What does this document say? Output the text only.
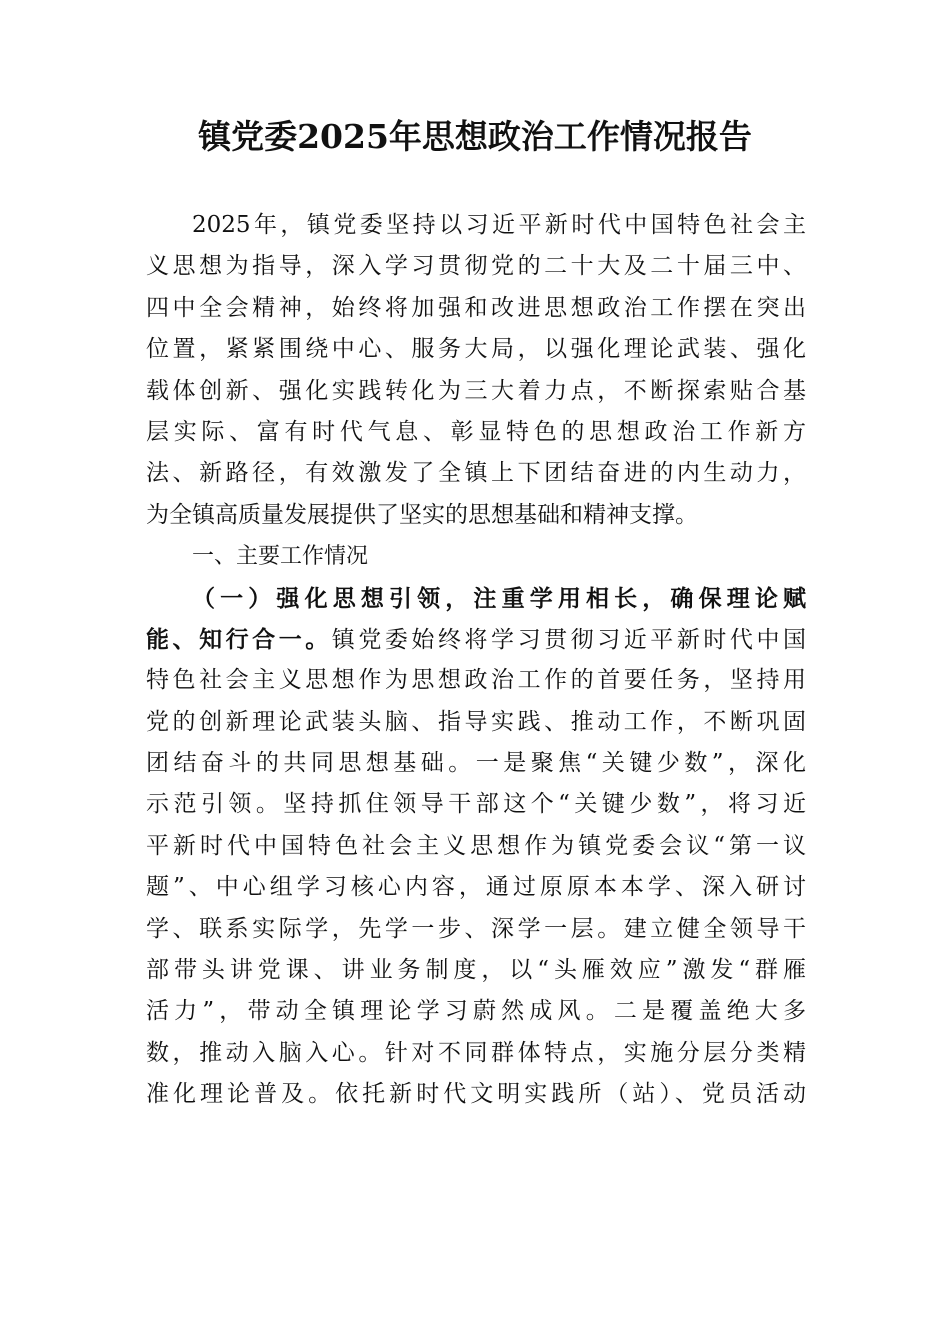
镇党委2025年思想政治工作情况报告
2025年，镇党委坚持以习近平新时代中国特色社会主
义思想为指导，深入学习贯彻党的二十大及二十届三中、
四中全会精神，始终将加强和改进思想政治工作摆在突出
位置，紧紧围绕中心、服务大局，以强化理论武装、强化
载体创新、强化实践转化为三大着力点，不断探索贴合基
层实际、富有时代气息、彰显特色的思想政治工作新方
法、新路径，有效激发了全镇上下团结奋进的内生动力，
为全镇高质量发展提供了坚实的思想基础和精神支撑。
一、主要工作情况
（一）强化思想引领，注重学用相长，确保理论赋
能、知行合一。镇党委始终将学习贯彻习近平新时代中国
特色社会主义思想作为思想政治工作的首要任务，坚持用
党的创新理论武装头脑、指导实践、推动工作，不断巩固
团结奋斗的共同思想基础。一是聚焦“关键少数”，深化
示范引领。坚持抓住领导干部这个“关键少数”，将习近
平新时代中国特色社会主义思想作为镇党委会议“第一议
题”、中心组学习核心内容，通过原原本本学、深入研讨
学、联系实际学，先学一步、深学一层。建立健全领导干
部带头讲党课、讲业务制度，以“头雁效应”激发“群雁
活力”，带动全镇理论学习蔚然成风。二是覆盖绝大多
数，推动入脑入心。针对不同群体特点，实施分层分类精
准化理论普及。依托新时代文明实践所（站）、党员活动
